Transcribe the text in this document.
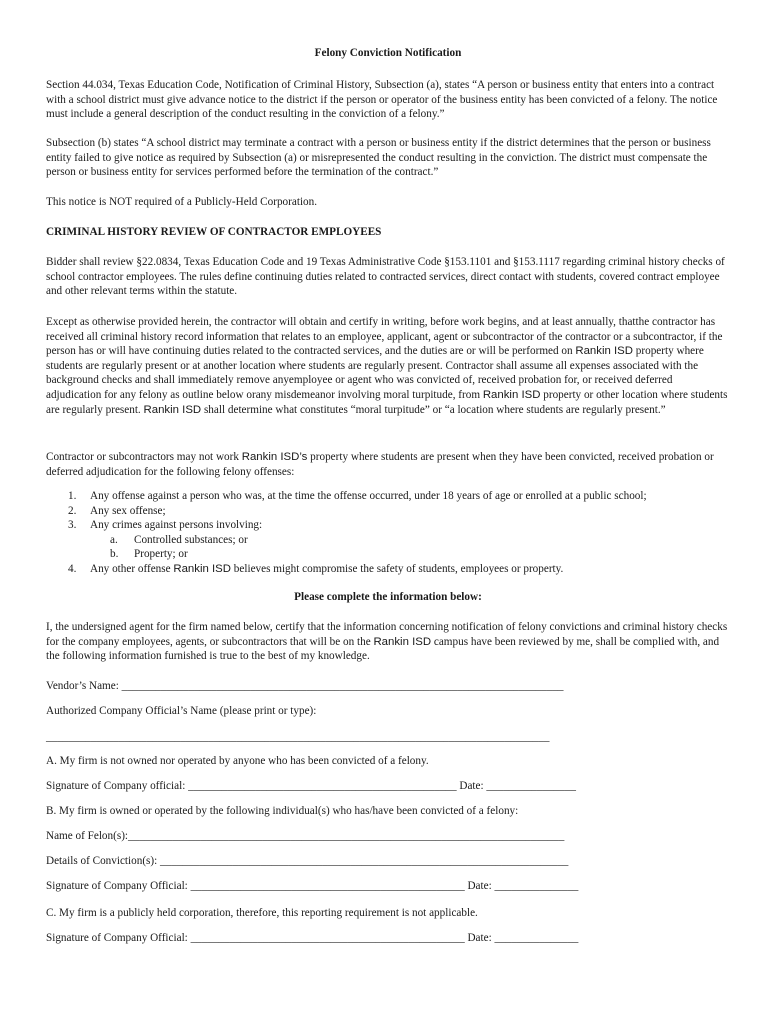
Felony Conviction Notification

Section 44.034, Texas Education Code, Notification of Criminal History, Subsection (a), states “A person or business entity that enters into a contract with a school district must give advance notice to the district if the person or operator of the business entity has been convicted of a felony. The notice must include a general description of the conduct resulting in the conviction of a felony.”

Subsection (b) states “A school district may terminate a contract with a person or business entity if the district determines that the person or business entity failed to give notice as required by Subsection (a) or misrepresented the conduct resulting in the conviction. The district must compensate the person or business entity for services performed before the termination of the contract.”

This notice is NOT required of a Publicly-Held Corporation.

CRIMINAL HISTORY REVIEW OF CONTRACTOR EMPLOYEES

Bidder shall review §22.0834, Texas Education Code and 19 Texas Administrative Code §153.1101 and §153.1117 regarding criminal history checks of school contractor employees. The rules define continuing duties related to contracted services, direct contact with students, covered contract employee and other relevant terms within the statute.

Except as otherwise provided herein, the contractor will obtain and certify in writing, before work begins, and at least annually, thatthe contractor has received all criminal history record information that relates to an employee, applicant, agent or subcontractor of the contractor or a subcontractor, if the person has or will have continuing duties related to the contracted services, and the duties are or will be performed on Rankin ISD property where students are regularly present or at another location where students are regularly present. Contractor shall assume all expenses associated with the background checks and shall immediately remove anyemployee or agent who was convicted of, received probation for, or received deferred adjudication for any felony as outline below orany misdemeanor involving moral turpitude, from Rankin ISD property or other location where students are regularly present. Rankin ISD shall determine what constitutes “moral turpitude” or “a location where students are regularly present.”

Contractor or subcontractors may not work Rankin ISD’s property where students are present when they have been convicted, received probation or deferred adjudication for the following felony offenses:

1. Any offense against a person who was, at the time the offense occurred, under 18 years of age or enrolled at a public school;
2. Any sex offense;
3. Any crimes against persons involving:
a. Controlled substances; or
b. Property; or
4. Any other offense Rankin ISD believes might compromise the safety of students, employees or property.

Please complete the information below:

I, the undersigned agent for the firm named below, certify that the information concerning notification of felony convictions and criminal history checks for the company employees, agents, or subcontractors that will be on the Rankin ISD campus have been reviewed by me, shall be complied with, and the following information furnished is true to the best of my knowledge.

Vendor’s Name: _______________________________________________________________________________

Authorized Company Official’s Name (please print or type):

__________________________________________________________________________________________

A. My firm is not owned nor operated by anyone who has been convicted of a felony.

Signature of Company official: ________________________________________________ Date: ________________

B. My firm is owned or operated by the following individual(s) who has/have been convicted of a felony:

Name of Felon(s):______________________________________________________________________________

Details of Conviction(s): _________________________________________________________________________

Signature of Company Official: _________________________________________________ Date: _______________

C. My firm is a publicly held corporation, therefore, this reporting requirement is not applicable.

Signature of Company Official: _________________________________________________ Date: _______________
